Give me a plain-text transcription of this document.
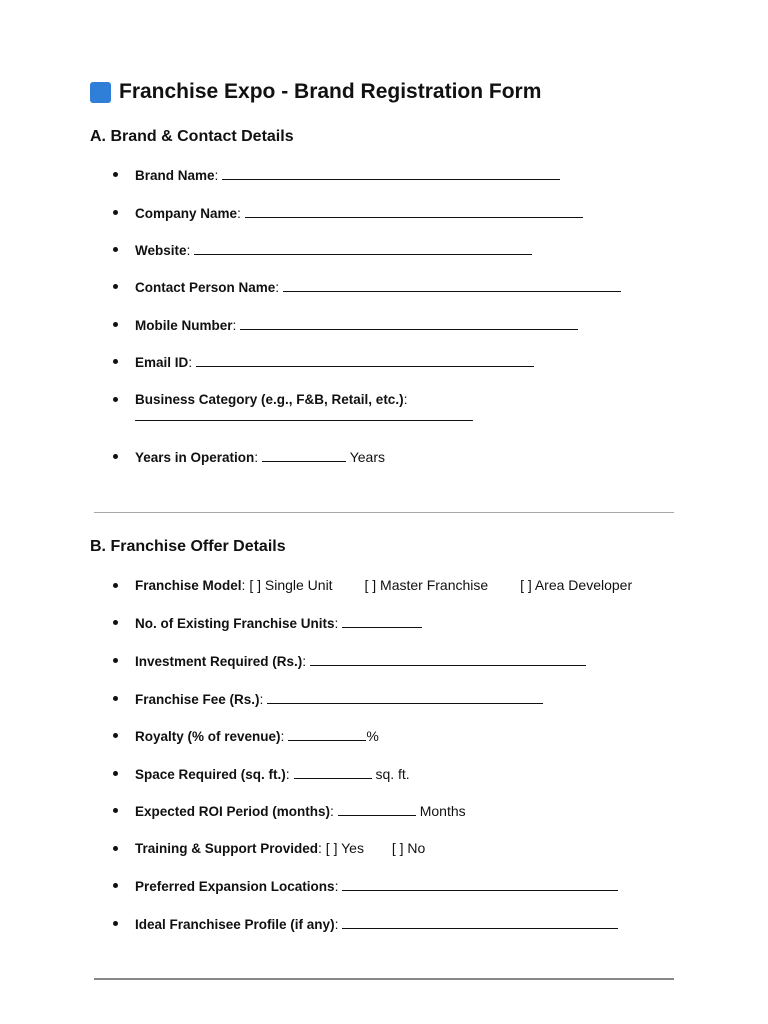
Franchise Expo - Brand Registration Form
A. Brand & Contact Details
Brand Name:
Company Name:
Website:
Contact Person Name:
Mobile Number:
Email ID:
Business Category (e.g., F&B, Retail, etc.):
Years in Operation:	Years
B. Franchise Offer Details
Franchise Model: [ ] Single Unit [ ] Master Franchise [ ] Area Developer
No. of Existing Franchise Units:
Investment Required (Rs.):
Franchise Fee (Rs.):
Royalty (% of revenue):	%
Space Required (sq. ft.):	sq. ft.
Expected ROI Period (months):	Months
Training & Support Provided: [ ] Yes [ ] No
Preferred Expansion Locations:
Ideal Franchisee Profile (if any):
